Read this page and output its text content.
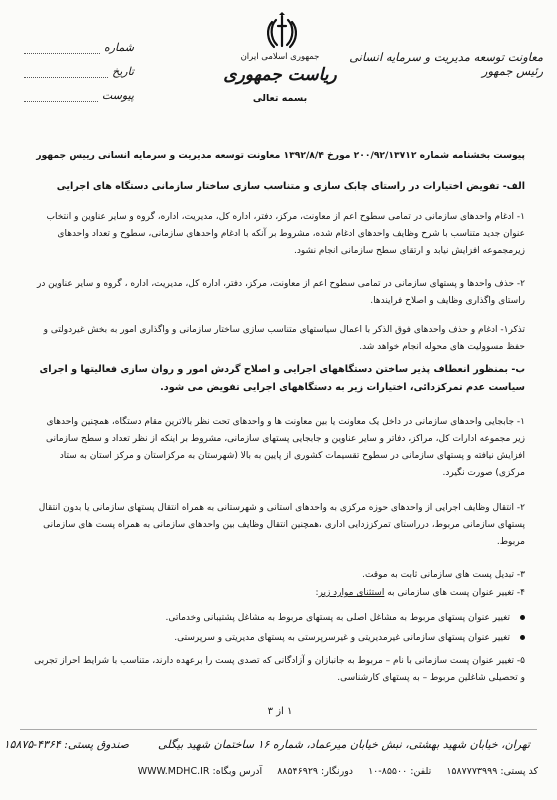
شماره
تاریخ
پیوست
جمهوری اسلامی ایران
ریاست جمهوری
بسمه تعالی
معاونت توسعه مدیریت و سرمایه انسانی رئیس جمهور
پیوست بخشنامه شماره ۲۰۰/۹۲/۱۳۷۱۲ مورخ ۱۳۹۲/۸/۴ معاونت توسعه مدیریت و سرمایه انسانی رییس جمهور
الف- تفویض اختیارات در راستای چابک سازی و متناسب سازی ساختار سازمانی دستگاه های اجرایی
۱- ادغام واحدهای سازمانی در تمامی سطوح اعم از معاونت، مرکز، دفتر، اداره کل، مدیریت، اداره، گروه و سایر عناوین و انتخاب عنوان جدید متناسب با شرح وظایف واحدهای ادغام شده، مشروط بر آنکه با ادغام واحدهای سازمانی، سطوح و تعداد واحدهای زیرمجموعه افزایش نیابد و ارتقای سطح سازمانی انجام نشود.
۲- حذف واحدها و پستهای سازمانی در تمامی سطوح اعم از معاونت، مرکز، دفتر، اداره کل، مدیریت، اداره ، گروه و سایر عناوین در راستای واگذاری وظایف و اصلاح فرایندها.
تذکر۱- ادغام و حذف واحدهای فوق الذکر با اعمال سیاستهای متناسب سازی ساختار سازمانی و واگذاری امور به بخش غیردولتی و حفظ مسوولیت های محوله انجام خواهد شد.
ب- بمنظور انعطاف پذیر ساختن دستگاههای اجرایی و اصلاح گردش امور و روان سازی فعالیتها و اجرای سیاست عدم تمرکزدائی، اختیارات زیر به دستگاههای اجرایی تفویض می شود.
۱- جابجایی واحدهای سازمانی در داخل یک معاونت یا بین معاونت ها و واحدهای تحت نظر بالاترین مقام دستگاه، همچنین واحدهای زیر مجموعه ادارات کل، مراکز، دفاتر و سایر عناوین و جابجایی پستهای سازمانی، مشروط بر اینکه از نظر تعداد و سطح سازمانی افزایش نیافته و پستهای سازمانی در سطوح تقسیمات کشوری از پایین به بالا (شهرستان به مرکزاستان و مرکز استان به ستاد مرکزی) صورت نگیرد.
۲- انتقال وظایف اجرایی از واحدهای حوزه مرکزی به واحدهای استانی و شهرستانی به همراه انتقال پستهای سازمانی یا بدون انتقال پستهای سازمانی مربوط، درراستای تمرکززدایی اداری ،همچنین انتقال وظایف بین واحدهای سازمانی به همراه پست های سازمانی مربوط.
۳- تبدیل پست های سازمانی ثابت به موقت.
۴- تغییر عنوان پست های سازمانی به استثنای موارد زیر:
تغییر عنوان پستهای مربوط به مشاغل اصلی به پستهای مربوط به مشاغل پشتیبانی وخدماتی.
تغییر عنوان پستهای سازمانی غیرمدیریتی و غیرسرپرستی به پستهای مدیریتی و سرپرستی.
۵- تغییر عنوان پست سازمانی با نام – مربوط به جانبازان و آزادگانی که تصدی پست را برعهده دارند، متناسب با شرایط احراز تجربی و تحصیلی شاغلین مربوط – به پستهای کارشناسی.
۱ از ۳
تهران، خیابان شهید بهشتی، نبش خیابان میرعماد، شماره ۱۶ ساختمان شهید بیگلی  صندوق پستی: ۴۳۶۴-۱۵۸۷۵
کد پستی: ۱۵۸۷۷۷۳۹۹۹ تلفن: ۸۵۵۰۰-۱۰ دورنگار: ۸۸۵۴۶۹۲۹ آدرس وبگاه: WWW.MDHC.IR
